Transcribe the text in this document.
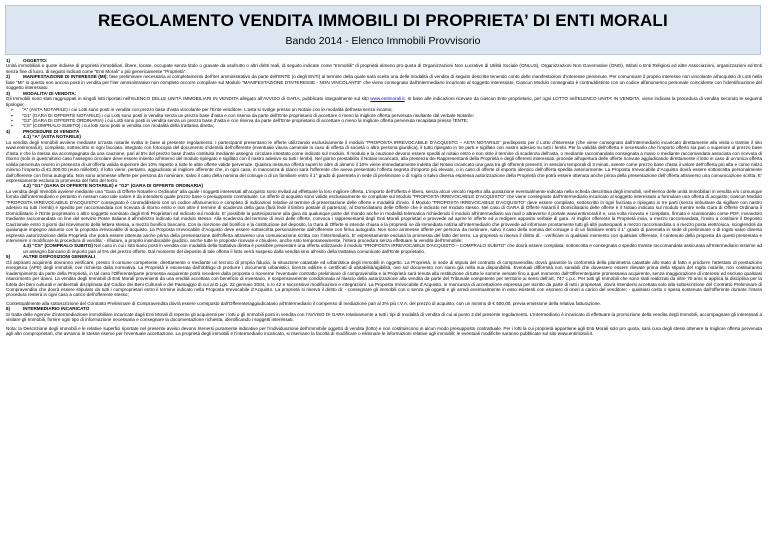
REGOLAMENTO VENDITA IMMOBILI DI PROPRIETA’ DI ENTI MORALI
Bando 2014 - Elenco Immobili Provvisorio

1)	OGGETTO:

Unità immobiliari o quote indivise di proprietà immobiliari, libere, locate, occupate senza titolo o gravate da usufrutto o altri diritti reali, di seguito indicate come “Immobili” di proprietà almeno pro-quota di Organizzazioni Non Lucrative di Utilità Sociale (ONLUS), Organizzazioni Non Governative (ONG), Istituti o Enti Religiosi ed altre Associazioni, organizzazioni ed Enti senza fine di lucro, di seguito indicati come “Enti Morali” o più genericamente “Proprietà”.

2)	MANIFESTAZIONE DI INTERESSE (MI): fase preliminare necessaria al completamento dell’iter amministrativo da parte dell’ENTE (o degli ENTI) al termine della quale sarà scelta una delle modalità di vendita di seguito descritte tenendo conto delle manifestazioni d’interesse pervenute. Per comunicare il proprio interesse non vincolante all’acquisto di Lotti nella fase “MI” in questo non ancora posti in vendita per l’iter amministrativo non completo occorre compilare sul Modulo “MANIFESTAZIONE D’INTERESSE - NON VINCOLANTE” che viene consegnato dall’Intermediario incaricato al soggetto interessato. Ciascun Modulo consegnato è contraddistinto con un codice alfanumerico personale coincidente con l’identificazione del soggetto interessato.

3)	MODALITA’ DI VENDITA:

Gli Immobili sono stati raggruppati in singoli lotti riportati nell’ELENCO DELLE UNITÀ IMMOBILIARI IN VENDITA allegato all’AVVISO di GARA, pubblicato integralmente sul sito www.entimorali.it. In base alle indicazioni ricevute da ciascun Ente proprietario, per ogni LOTTO nell’ELENCO UNITA’ IN VENDITA, viene indicata la procedura di vendita secondo le seguenti tipologie:

➢ “A” (ASTA NOTARILE) i cui Lotti sono posti in vendita con prezzo base d’asta vincolante per l’Ente venditore. L’asta si svolge presso un Notaio con le modalità dell’asta senza incanto;

➢ “G1” (GARA DI OFFERTE NOTARILE) i cui Lotti sono posti in vendita senza un prezzo base d’asta e con riserva da parte dell’Ente proprietario di accettare o meno la migliore offerta pervenuta risultante dal verbale Notarile;

➢ “G2” (GARA DI OFFERTE ORDINARIA) i cui Lotti sono posti in vendita senza un prezzo base d’asta e con riserva da parte dell’Ente proprietario di accettare o meno la migliore offerta pervenuta recapitata presso l’ENTE;

➢ “CS” (COMPRALO SUBITO) i cui lotti sono posti in vendita con modalità della trattativa diretta;

4)	PROCEDURE DI VENDITA

4.1) “A” (ASTA NOTARILE)

La vendita degli Immobili avviene mediante un’asta notarile svolta in base al presente regolamento. I partecipanti presentano le offerte utilizzando esclusivamente il modulo “PROPOSTA IRREVOCABILE D’ACQUISTO – ASTA NOTARILE” predisposto per il Lotto d’interesse (che viene consegnato dall’intermediario incaricato direttamente alla visita o tramite il sito www.entimorali.it), compilato, sottoscritto in ogni facciata, integrato con fotocopia del documento d’identità dell’offerente (eventuale visura camerale in caso di offerta di società o altra persona giuridica), il tutto ripiegato in tre parti e sigillato con nastro adesivo su tutti i lembi. Per la validità dell’offerta è necessario che l’importo offerto sia pari o superiore al prezzo base d’asta e che la stessa sia accompagnata da una cauzione, pari al 5% del prezzo base d’asta costituita mediante assegno circolare intestato come indicato sul modulo. Il modulo e la cauzione devono essere spediti al notaio entro e non oltre il termine di scadenza dell’asta, o mediante raccomandata consegnata a mano o mediante raccomandata associata con ricevuta di ritorno (solo in quest’ultimo caso l’assegno circolare deve essere inserito all’interno del modulo ripiegato e sigillato con il nastro adesivo su tutti i lembi). Nel giorno prestabilito il Notaio incaricato, alla presenza dei Rappresentanti della Proprietà e degli offerenti interessati, procede all’apertura delle offerte ricevute aggiudicando direttamente il lotto in caso di un’unica offerta valida pervenuta ovvero in presenza di un’offerta valida superiore del 10% rispetto a tutte le altre offerte valide pervenute. Qualora nessuna offerta superi le altre di almeno il 10% viene immediatamente indetta dal Notaio incaricato una gara tra gli offerenti presenti, in sessioni temporali di 3 minuti, avente come prezzo base d’asta il valore dell’offerta più alta e come rialzo minimo l’importo di €1.000,00 (euro mille/00). Il lotto viene, pertanto, aggiudicato al migliore offerente che, in ogni caso, in mancanza di rilanci sarà l’offerente che aveva presentato l’offerta segreta d’importo più elevato, o in caso di offerte di importo identico dell’offerta spedita anteriormente. La Proposta Irrevocabile d’Acquisto dovrà essere sottoscritta personalmente dall’offerente con firma autografa. Non sono ammesse offerte per persona da nominare, salvo il caso della nomina del coniuge o di un familiare entro il 1° grado di parentela in sede di preliminare o di rogito o salvo diversa espressa autorizzazione della Proprietà che potrà essere ottenuta anche prima della presentazione dell’offerta attraverso una comunicazione scritta. E’ espressamente esclusa la promessa del fatto del terzo.

4.2) “G1” (GARA DI OFFERTE NOTARILE) e “G2” (GARA DI OFFERTE ORDINARIA)

La vendita degli Immobili avviene mediante una “Gara di Offerte Notarile o Ordinaria” alla quale i soggetti interessati all’acquisto sono invitati ad effettuare la loro migliore offerta. L’importo dell’offerta è libero, senza alcun vincolo rispetto alla quotazione eventualmente indicata nella scheda descrittiva degli immobili, nell’elenco delle unità immobiliari in vendita e/o comunque fornita dall’intermediario e pertanto in nessun caso tale valore è da intendersi quale prezzo base o presupposto contrattuale. Le offerte di acquisto sono valide esclusivamente se compilate sul Modulo “PROPOSTA IRREVOCABILE D’ACQUISTO” che viene consegnato dall’Intermediario incaricato al soggetto interessato a formulare una offerta di acquisto; ciascun Modulo “PROPOSTA IRREVOCABILE D’ACQUISTO” consegnato è contraddistinto con un codice alfanumerico e completo di indicazioni relative al termine di presentazione delle offerte e modalità d’invio. Il Modulo “PROPOSTA IRREVOCABILE D’ACQUISTO” deve essere compilato, sottoscritto in ogni facciata e ripiegato in tre parti (senza imbustare da sigillare con nastro adesivo su tutti i lembi) e spedito per raccomandata con ricevuta di ritorno entro e non oltre il termine di scadenza della gara (farà fede il timbro postale di partenza), al Domiciliatario delle Offerte che è indicato nel modulo stesso. Nel caso di GARA di Offerte Notarili il Domiciliatario delle offerte è il Notaio indicato sul modulo mentre nella Gara di Offerte Ordinaria il Domiciliatario è l’Ente proprietario o altro soggetto nominato dagli Enti Proprietari ed indicato sul modulo. E’ possibile la partecipazione alla gara da qualunque parte del mondo anche in modalità telematica richiedendo il modulo all’intermediario via mail o attraverso il portale www.entimorali.it e, una volta ricevuto e compilato, firmato e scansionato come PDF, inviandolo mediante raccomandata on line del servizio Poste Italiane.it all’indirizzo indicato sul modulo stesso. Alla scadenza del termine di invio delle offerte, convoca i rappresentanti degli Enti Morali proprietari e provvede ad aprire le offerte ed a redigere apposito verbale di gara. Al miglior offerente la Proprietà invia, a mezzo raccomandata, l’invito a costituire il Deposito Cauzionale entro 3 giorni dal ricevimento della lettera stessa, a mezzo bonifico bancario. Con la ricezione del bonifico e la costituzione del deposito, la Gara di Offerte si intende chiusa e la proprietà ne dà immediata notizia all’intermediario che provvede ad informare prontamente tutti gli altri partecipanti a mezzo raccomandata o a mezzo posta elettronica, scioglendoli da qualunque impegno assunto con la proposta irrevocabile di acquisto. La Proposta Irrevocabile d’Acquisto deve essere sottoscritta personalmente dall’offerente con firma autografa. Non sono ammesse offerte per persona da nominare, salvo il caso della nomina del coniuge o di un familiare entro il 1° grado di parentela in sede di preliminare o di rogito salvo diversa espressa autorizzazione della Proprietà che potrà essere ottenuta anche prima della presentazione dell’offerta attraverso una comunicazione scritta con l’intermediario. E’ espressamente esclusa la promessa del fatto del terzo. La proprietà si riserva il diritto di: - verificare in qualsiasi momento con qualsiasi offerente, il contenuto della proposta da questi presentata e intervenire o modificare la procedura di vendita; - rifiutare, a proprio insindacabile giudizio, anche tutte le proposte ricevute e chiudere, anche solo temporaneamente, l’intera procedura senza effettuare la vendita dell’Immobile;

4.3) “CS” (COMPRALO SUBITO) Nel caso in cui i lotti siano posti in vendita con modalità della trattativa diretta è possibile presentare una offerta utilizzando il modulo “PROPOSTA IRREVOCABILE D’ACQUISTO – COMPRALO SUBITO” che dovrà essere compilata, sottoscritta e consegnata o spedito tramite raccomandata assicurata all’Intermediario insieme ad un assegno bancario di importo pari al 5% del prezzo offerto. Dal momento del deposito di tale offerta il lotto verrà sospeso dalla vendita sino all’esito della trattativa comunicato dall’Ente proprietario.

5)	ALTRE DISPOSIZIONI GENERALI

Gli aspiranti acquirenti dovranno verificare, presso il comune competente, direttamente o mediante un tecnico di propria fiducia, la situazione catastale ed urbanistica degli Immobili in oggetto. La Proprietà, in sede di stipula del contratto di compravendita, dovrà garantire la conformità della planimetria catastale allo stato di fatto e produrre l’attestato di prestazione energetica (APE) degli immobili, ove richiesto dalla normativa. La Proprietà è esonerata dall’obbligo di produrre i documenti urbanistici, licenze edilizie e certificati di abitabilità/agibilità, ove sul documento non siano già nella sua disponibilità. Eventuali difformità non sanabili che dovessero essere rilevate prima della stipula del rogito notarile, non costituiranno inadempimento da parte della Proprietà, in tal caso l’Offerente/parte promessa acquirente potrà recedere dalla proposta o riceverne l’eventuale contratto preliminare di compravendita e la Proprietà sarà tenuta alla restituzione di tutte le somme versate fino a quel momento dall’Offerente/parte promessaria acquirente, senza maggiorazione di interessi ed escluso qualsiasi risarcimento per danni. La vendita degli Immobili di Enti Morali provenienti da una eredità accettata con beneficio di inventario, è sospensivamente condizionata al rilascio della autorizzazione alla vendita da parte del Tribunale competente per territorio ai sensi dell’art. 747 c.p.c. Per tutti gli Immobili che sono stati realizzati da oltre 70 anni si applica la disciplina per la tutela dei beni culturali e ambientali disciplinata dal Codice dei Beni Culturali e del Paesaggio di cui al D.Lgs. 22 gennaio 2004, n.ro 42 e successive modificazioni e integrazioni. La Proposta Irrevocabile d’Acquisto, in mancanza di accettazione espressa per iscritto da parte di tutti i proprietari, dovrà intendersi accettata solo alla sottoscrizione del Contratto Preliminare di Compravendita che dovrà essere stipulato da tutti i comproprietari entro il termine indicato nella Proposta Irrevocabile d’Acquisto. La proprietà si riserva il diritto di: - consegnare gli immobili con o senza gli oggetti e gli arredi eventualmente in esso esistenti con esonero di oneri a carico del venditore; - qualsiasi costo o spesa sostenuta dall’offerente durante l’intera procedura resterà in ogni caso a carico dell’offerente stesso;

Contestualmente alla sottoscrizione del Contratto Preliminare di Compravendita dovrà essere corrisposto dall’Offerente/aggiudicatario all’Intermediario il compenso di mediazione pari al 3% più I.V.A. del prezzo di acquisto, con un minimo di € 500,00, previa emissione della relativa fatturazione.

6)	INTERMEDIARIO INCARICATO

Si tratta delle Agenzie d’intermediazione immobiliare incaricate dagli Enti Morali di reperire gli acquirenti per i lotti o gli Immobili posti in vendita con l’AVVISO DI GARA relativamente a tutti i tipi di modalità di vendita di cui ai punto 3 del presente regolamento. L’Intermediario è incaricato di effettuare la promozione della vendita degli Immobili, accompagnare gli interessati a visitare gli Immobili, fornire ogni tipo di informazione necessaria e consegnare la documentazione richiesta, identificando i soggetti interessati.

Nota: la Descrizione degli immobili e le relative superfici riportate nel presente avviso devono ritenersi puramente indicative per l’individuazione dell’immobile oggetto di vendita (lotto) e non costituiscono in alcun modo presupposto contrattuale. Per i lotti la cui proprietà appartiene agli Enti Morali solo pro quota, sarà cura degli stessi ottenere la migliore offerta pervenuta agli altri comproprietari, che avranno le stesse riserve per l’eventuale accettazione. La proprietà degli immobili e l’intermediario incaricato, si riservano la facoltà di modificare o eliminare le informazioni relative agli immobili; le eventuali modifiche saranno pubblicate sul sito www.entimorali.it.
